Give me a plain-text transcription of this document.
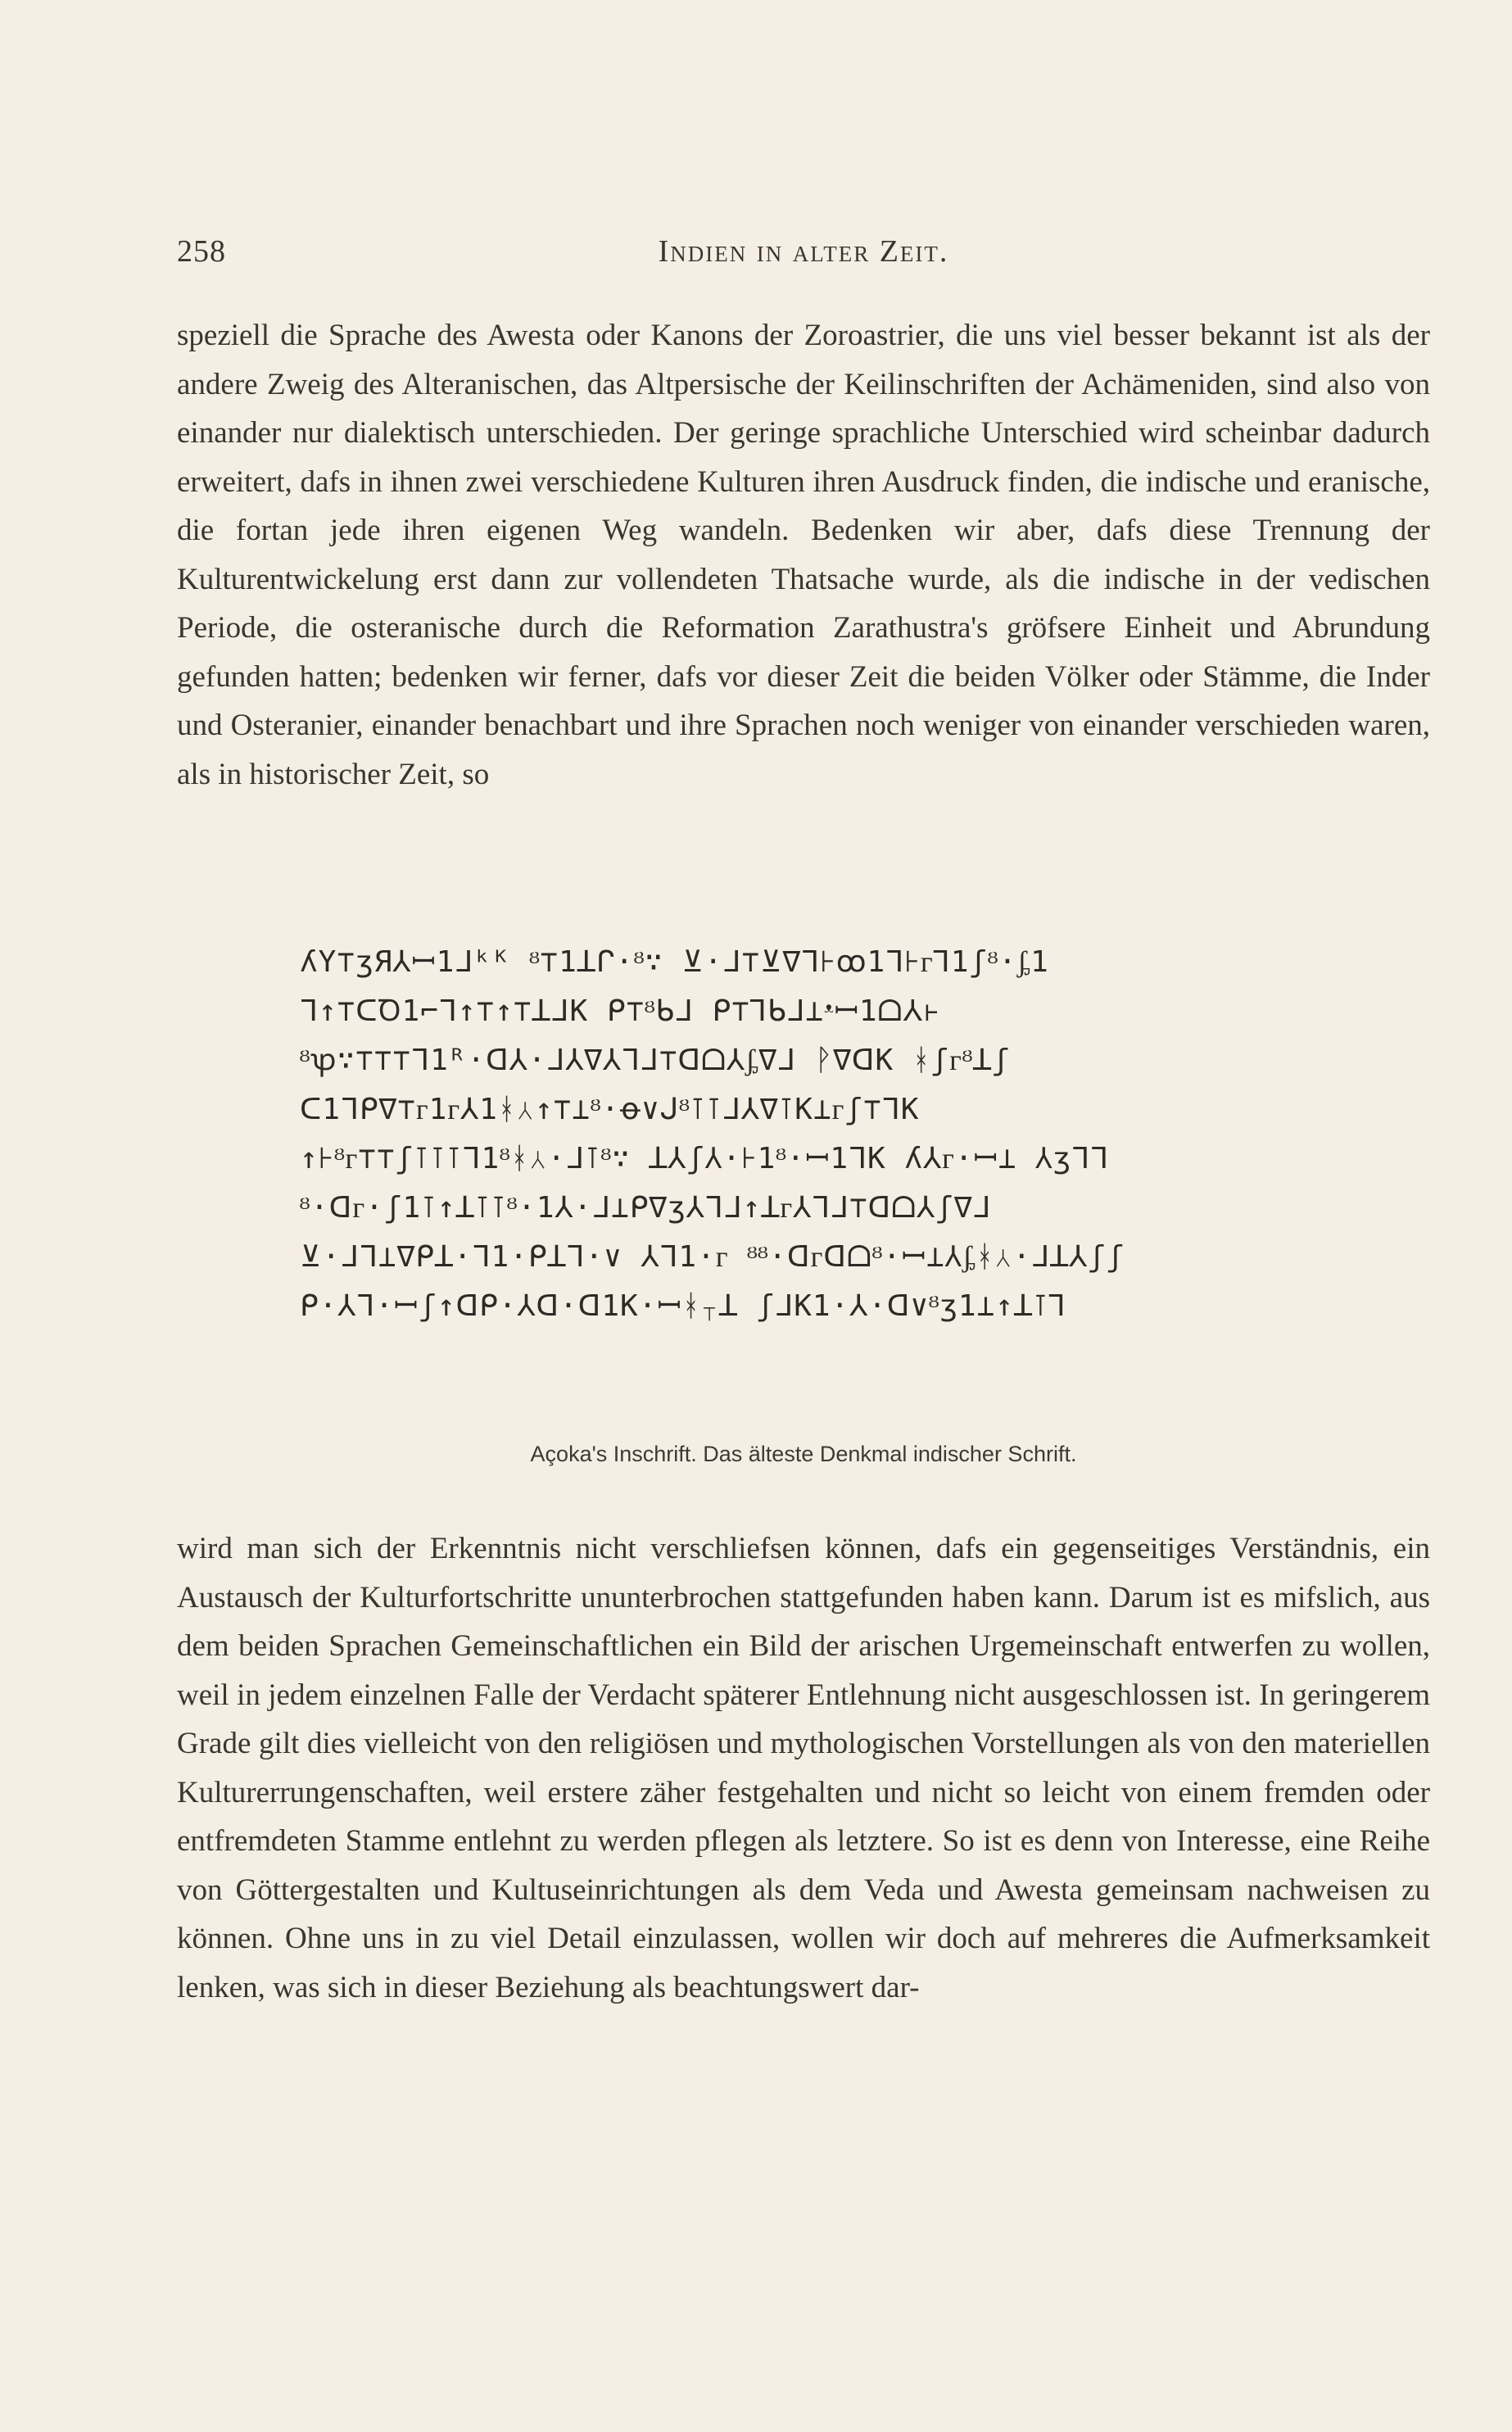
258	Indien in alter Zeit.

speziell die Sprache des Awesta oder Kanons der Zoroastrier, die uns viel besser bekannt ist als der andere Zweig des Alteranischen, das Altpersische der Keilinschriften der Achämeniden, sind also von einander nur dialektisch unterschieden. Der geringe sprachliche Unterschied wird scheinbar dadurch erweitert, dafs in ihnen zwei verschiedene Kulturen ihren Ausdruck finden, die indische und eranische, die fortan jede ihren eigenen Weg wandeln. Bedenken wir aber, dafs diese Trennung der Kulturentwickelung erst dann zur vollendeten Thatsache wurde, als die indische in der vedischen Periode, die osteranische durch die Reformation Zarathustra's gröfsere Einheit und Abrundung gefunden hatten; bedenken wir ferner, dafs vor dieser Zeit die beiden Völker oder Stämme, die Inder und Osteranier, einander benachbart und ihre Sprachen noch weniger von einander verschieden waren, als in historischer Zeit, so

ʎY⊤ʒЯ⅄ꟷ1ᒧᵏᴷ ᴽ⊤1ꓕᒋ·ᴽ∵ ⊻·ᒧ⊤⊻∇ᒣ⊦ꝏ1ᒣ⊦ᴦ⅂1ʃᴽ·ᶋ1
ᒣ↑⊤ᑕꝹ1⌐ᒣ↑⊤↑⊤ꓕᒧK ᑭ⊤ᴽᑲᒧ ᑭ⊤⅂ᑲᒧ⊥ᵜꟷ1ᗝ⅄⊦
ᴽꝕ∵⊤⊤⊤ᒣ1ᴿ·ᗡ⅄·ᒧ⅄∇⅄ᒣᒧ⊤ᗡᗝ⅄ᶋ∇ᒧ ᚹ∇ᗡK ᚼʃᴦᴽꓕʃ
ᑕ1ᒣᑭ∇⊤ᴦ1ᴦ⅄1ᚼ⅄↑⊤⊥ᴽ·ꝋ∨ᒍᴽ⊺⊺ᒧ⅄∇⊺K⊥ᴦʃ⊤ᒣK
↑⊦ᴽᴦ⊤⊤ʃ⊺⊺⊺ᒣ1ᴽᚼ⅄·ᒧ⊺ᴽ∵ ꓕ⅄ʃ⅄·⊦1ᴽ·ꟷ1ᒣK ʎ⅄ᴦ·ꟷ⊥ ⅄ʒᒣᒣ
ᴽ·ᗡᴦ·ʃ1⊺↑ꓕ⊺⊺ᴽ·1⅄·ᒧ⊥ᑭ∇ʒ⅄ᒣᒧ↑ꓕᴦ⅄ᒣᒧ⊤ᗡᗝ⅄ʃ∇ᒧ
⊻·ᒧᒣ⊥∇ᑭꓕ·ᒣ1·ᑭꓕᒣ·∨ ⅄ᒣ1·ᴦ ᴽᴽ·ᗡᴦᗡᗝᴽ·ꟷ⊥⅄ᶋᚼ⅄·ᒧꓕ⅄ʃʃ
ᑭ·⅄ᒣ·ꟷʃ↑ᗡᑭ·⅄ᗡ·ᗡ1K·ꟷᚼ⊺ꓕ ʃᒧK1·⅄·ᗡ∨ᴽʒ1⊥↑ꓕ⊺⅂
Açoka's Inschrift. Das älteste Denkmal indischer Schrift.

wird man sich der Erkenntnis nicht verschliefsen können, dafs ein gegenseitiges Verständnis, ein Austausch der Kulturfortschritte ununterbrochen stattgefunden haben kann. Darum ist es mifslich, aus dem beiden Sprachen Gemeinschaftlichen ein Bild der arischen Urgemeinschaft entwerfen zu wollen, weil in jedem einzelnen Falle der Verdacht späterer Entlehnung nicht ausgeschlossen ist. In geringerem Grade gilt dies vielleicht von den religiösen und mythologischen Vorstellungen als von den materiellen Kulturerrungenschaften, weil erstere zäher festgehalten und nicht so leicht von einem fremden oder entfremdeten Stamme entlehnt zu werden pflegen als letztere. So ist es denn von Interesse, eine Reihe von Göttergestalten und Kultuseinrichtungen als dem Veda und Awesta gemeinsam nachweisen zu können. Ohne uns in zu viel Detail einzulassen, wollen wir doch auf mehreres die Aufmerksamkeit lenken, was sich in dieser Beziehung als beachtungswert dar-
